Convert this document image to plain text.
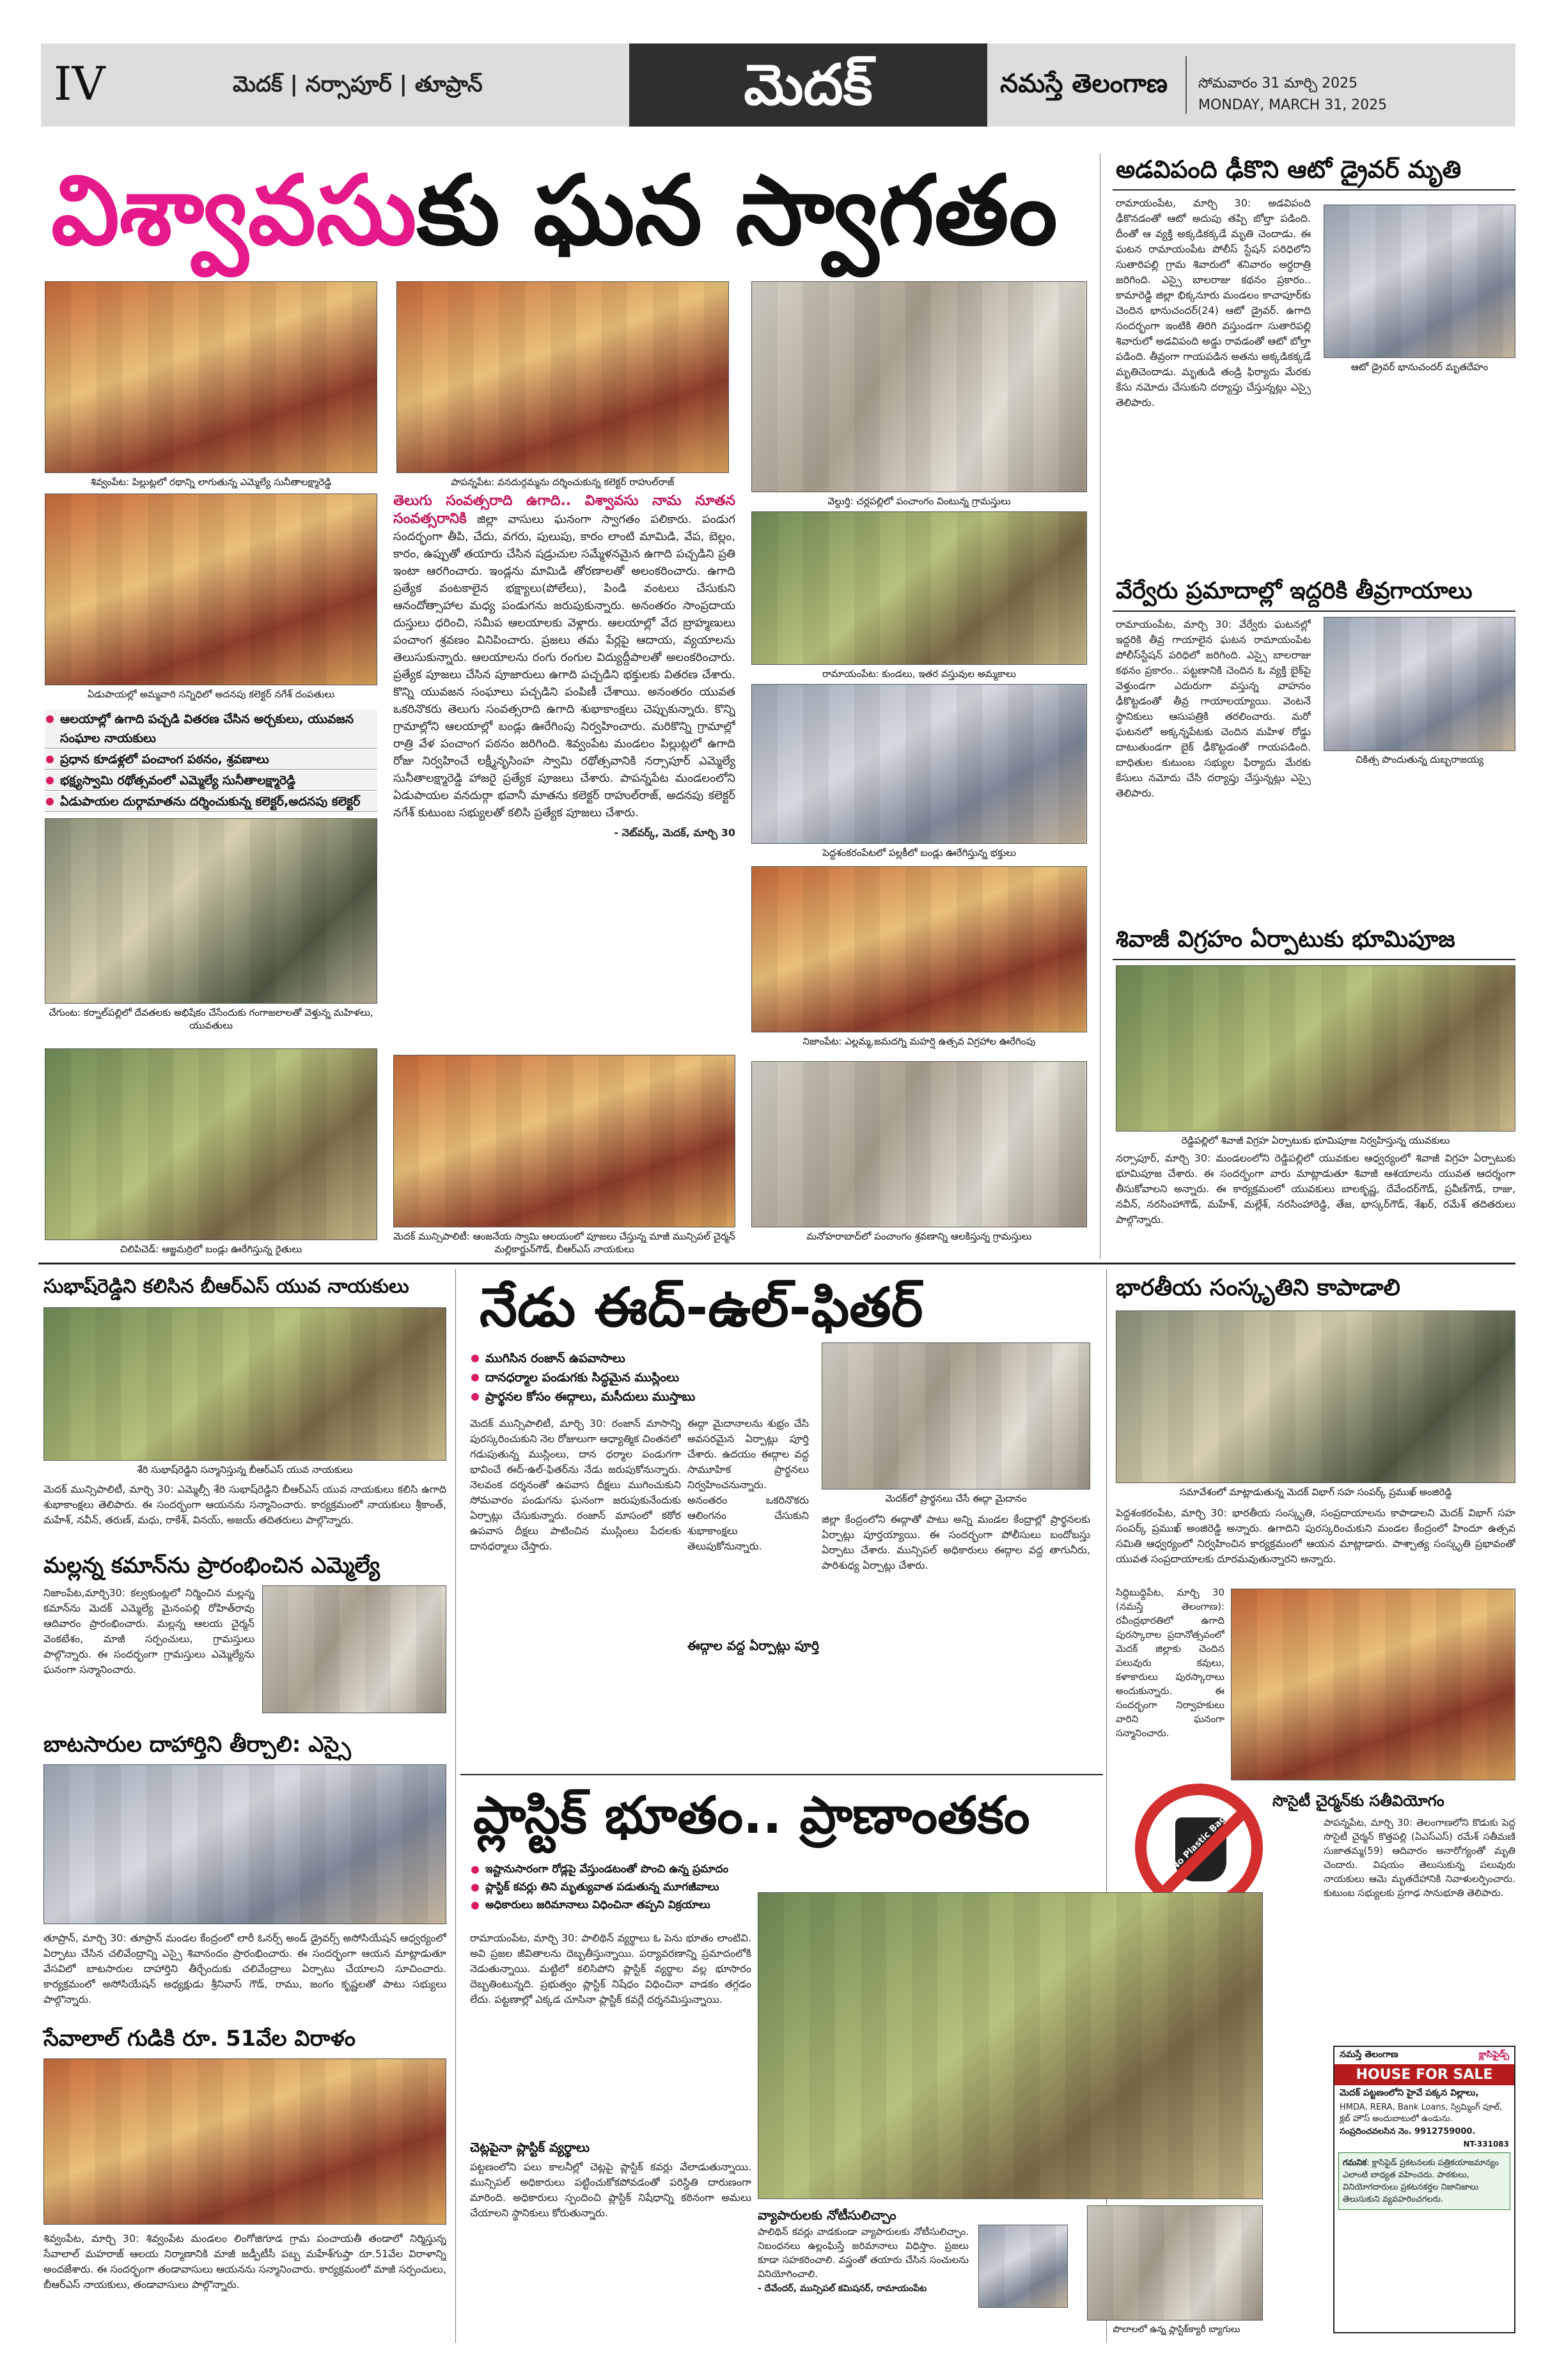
IV	మెదక్ | నర్సాపూర్ | తూప్రాన్	మెదక్	నమస్తే తెలంగాణ సోమవారం 31 మార్చి 2025
MONDAY, MARCH 31, 2025
విశ్వావసుకు ఘన స్వాగతం
శివ్వంపేట: పిల్లుట్లలో రథాన్ని లాగుతున్న ఎమ్మెల్యే సునీతాలక్ష్మారెడ్డి	పాపన్నపేట: వనదుర్గమ్మను దర్శించుకున్న కలెక్టర్ రాహుల్‌రాజ్
వెల్దుర్తి: చర్లపల్లిలో పంచాంగం వింటున్న గ్రామస్తులు
ఏడుపాయల్లో అమ్మవారి సన్నిధిలో అదనపు కలెక్టర్ నగేశ్ దంపతులు

తెలుగు సంవత్సరాది ఉగాది.. విశ్వావసు నామ నూతన సంవత్సరానికి జిల్లా వాసులు ఘనంగా స్వాగతం పలికారు. పండుగ సందర్భంగా తీపి, చేదు, వగరు, పులుపు, కారం లాంటి మామిడి, వేప, బెల్లం, కారం, ఉప్పుతో తయారు చేసిన షడ్రుచుల సమ్మేళనమైన ఉగాది పచ్చడిని ప్రతి ఇంటా ఆరగించారు. ఇండ్లను మామిడి తోరణాలతో అలంకరించారు. ఉగాది ప్రత్యేక వంటకాలైన భక్ష్యాలు(పోలేలు), పిండి వంటలు చేసుకుని ఆనందోత్సాహాల మధ్య పండుగను జరుపుకున్నారు. అనంతరం సాంప్రదాయ దుస్తులు ధరించి, సమీప ఆలయాలకు వెళ్లారు. ఆలయాల్లో వేద బ్రాహ్మణులు పంచాంగ శ్రవణం వినిపించారు. ప్రజలు తమ పేర్లపై ఆదాయ, వ్యయాలను తెలుసుకున్నారు. ఆలయాలను రంగు రంగుల విద్యుద్దీపాలతో అలంకరించారు. ప్రత్యేక పూజలు చేసిన పూజారులు ఉగాది పచ్చడిని భక్తులకు వితరణ చేశారు. కొన్ని యువజన సంఘాలు పచ్చడిని పంపిణీ చేశాయి. అనంతరం యువత ఒకరినొకరు తెలుగు సంవత్సరాది ఉగాది శుభాకాంక్షలు చెప్పుకున్నారు. కొన్ని గ్రామాల్లోని ఆలయాల్లో బండ్లు ఊరేగింపు నిర్వహించారు. మరికొన్ని గ్రామాల్లో రాత్రి వేళ పంచాంగ పఠనం జరిగింది. శివ్వంపేట మండలం పిల్లుట్లలో ఉగాది రోజు నిర్వహించే లక్ష్మీనృసింహ స్వామి రథోత్సవానికి నర్సాపూర్ ఎమ్మెల్యే సునీతాలక్ష్మారెడ్డి హాజరై ప్రత్యేక పూజలు చేశారు. పాపన్నపేట మండలంలోని ఏడుపాయల వనదుర్గా భవానీ మాతను కలెక్టర్ రాహుల్‌రాజ్, అదనపు కలెక్టర్ నగేశ్ కుటుంబ సభ్యులతో కలిసి ప్రత్యేక పూజలు చేశారు.

- నెట్‌వర్క్, మెదక్, మార్చి 30

ఆలయాల్లో ఉగాది పచ్చడి వితరణ చేసిన అర్చకులు, యువజన సంఘాల నాయకులు
ప్రధాన కూడళ్లలో పంచాంగ పఠనం, శ్రవణాలు
భక్ష్యస్వామి రథోత్సవంలో ఎమ్మెల్యే సునీతాలక్ష్మారెడ్డి
ఏడుపాయల దుర్గామాతను దర్శించుకున్న కలెక్టర్,అదనపు కలెక్టర్
రామాయంపేట: కుండలు, ఇతర వస్తువుల అమ్మకాలు
పెద్దశంకరంపేటలో పల్లకీలో బండ్లు ఊరేగిస్తున్న భక్తులు
చేగుంట: కర్నాల్‌పల్లిలో దేవతలకు అభిషేకం చేసేందుకు గంగాజలాలతో వెళ్తున్న మహిళలు, యువతులు
నిజాంపేట: ఎల్లమ్మ,జమదగ్ని మహర్షి ఉత్సవ విగ్రహాల ఊరేగింపు
చిలిపిచెడ్: ఆజ్జమర్రిలో బండ్లు ఊరేగిస్తున్న రైతులు
మెదక్ మున్సిపాలిటీ: ఆంజనేయ స్వామి ఆలయంలో పూజలు చేస్తున్న మాజీ మున్సిపల్ చైర్మన్ మల్లికార్జున్‌గౌడ్, బీఆర్‌ఎస్ నాయకులు
మనోహరాబాద్‌లో పంచాంగం శ్రవణాన్ని ఆలకిస్తున్న గ్రామస్తులు
అడవిపంది ఢీకొని ఆటో డ్రైవర్ మృతి
రామాయంపేట, మార్చి 30: అడవిపంది ఢీకొనడంతో ఆటో అదుపు తప్పి బోల్తా పడింది. దీంతో ఆ వ్యక్తి అక్కడికక్కడే మృతి చెందాడు. ఈ ఘటన రామాయంపేట పోలీస్ స్టేషన్ పరిధిలోని సుతారిపల్లి గ్రామ శివారులో శనివారం అర్ధరాత్రి జరిగింది. ఎస్సై బాలరాజు కథనం ప్రకారం.. కామారెడ్డి జిల్లా భిక్కనూరు మండలం కాచాపూర్‌కు చెందిన భానుచందర్(24) ఆటో డ్రైవర్. ఉగాది సందర్భంగా ఇంటికి తిరిగి వస్తుండగా సుతారిపల్లి శివారులో అడవిపంది అడ్డు రావడంతో ఆటో బోల్తా పడింది. తీవ్రంగా గాయపడిన అతను అక్కడికక్కడే మృతిచెందాడు. మృతుడి తండ్రి ఫిర్యాదు మేరకు కేసు నమోదు చేసుకుని దర్యాప్తు చేస్తున్నట్లు ఎస్సై తెలిపారు.
ఆటో డ్రైవర్ భానుచందర్ మృతదేహం
వేర్వేరు ప్రమాదాల్లో ఇద్దరికి తీవ్రగాయాలు
చికిత్స పొందుతున్న దుబ్బరాజయ్య
రామాయంపేట, మార్చి 30: వేర్వేరు ఘటనల్లో ఇద్దరికి తీవ్ర గాయాలైన ఘటన రామాయంపేట పోలీస్‌స్టేషన్ పరిధిలో జరిగింది. ఎస్సై బాలరాజు కథనం ప్రకారం.. పట్టణానికి చెందిన ఓ వ్యక్తి బైక్‌పై వెళ్తుండగా ఎదురుగా వస్తున్న వాహనం ఢీకొట్టడంతో తీవ్ర గాయాలయ్యాయి. వెంటనే స్థానికులు ఆసుపత్రికి తరలించారు. మరో ఘటనలో అక్కన్నపేటకు చెందిన మహిళ రోడ్డు దాటుతుండగా బైక్ ఢీకొట్టడంతో గాయపడింది. బాధితుల కుటుంబ సభ్యుల ఫిర్యాదు మేరకు కేసులు నమోదు చేసి దర్యాప్తు చేస్తున్నట్లు ఎస్సై తెలిపారు.
శివాజీ విగ్రహం ఏర్పాటుకు భూమిపూజ
రెడ్డిపల్లిలో శివాజీ విగ్రహ ఏర్పాటుకు భూమిపూజ నిర్వహిస్తున్న యువకులు
నర్సాపూర్, మార్చి 30: మండలంలోని రెడ్డిపల్లిలో యువకుల ఆధ్వర్యంలో శివాజీ విగ్రహ ఏర్పాటుకు భూమిపూజ చేశారు. ఈ సందర్భంగా వారు మాట్లాడుతూ శివాజీ ఆశయాలను యువత ఆదర్శంగా తీసుకోవాలని అన్నారు. ఈ కార్యక్రమంలో యువకులు బాలకృష్ణ, దేవేందర్‌గౌడ్, ప్రవీణ్‌గౌడ్, రాజు, నవీన్, నరసింహాగౌడ్, మహేశ్, మల్లేశ్, నరసింహారెడ్డి, తేజ, భాస్కర్‌గౌడ్, శేఖర్, రమేశ్ తదితరులు పాల్గొన్నారు.
భారతీయ సంస్కృతిని కాపాడాలి
సమావేశంలో మాట్లాడుతున్న మెదక్ విభాగ్ సహ సంపర్క్ ప్రముఖ్ అంజిరెడ్డి
పెద్దశంకరంపేట, మార్చి 30: భారతీయ సంస్కృతి, సంప్రదాయాలను కాపాడాలని మెదక్ విభాగ్ సహ సంపర్క్ ప్రముఖ్ అంజిరెడ్డి అన్నారు. ఉగాదిని పురస్కరించుకుని మండల కేంద్రంలో హిందూ ఉత్సవ సమితి ఆధ్వర్యంలో నిర్వహించిన కార్యక్రమంలో ఆయన మాట్లాడారు. పాశ్చాత్య సంస్కృతి ప్రభావంతో యువత సంప్రదాయాలకు దూరమవుతున్నారని అన్నారు.
సిద్దిబుధ్దిపేట, మార్చి 30 (నమస్తే తెలంగాణ): రవీంద్రభారతిలో ఉగాది పురస్కారాల ప్రదానోత్సవంలో మెదక్ జిల్లాకు చెందిన పలువురు కవులు, కళాకారులు పురస్కారాలు అందుకున్నారు. ఈ సందర్భంగా నిర్వాహకులు వారిని ఘనంగా సన్మానించారు.
సొసైటీ చైర్మన్‌కు సతీవియోగం
పాపన్నపేట, మార్చి 30: తెలంగాణలోని కొడుకు పెద్ద సొసైటీ చైర్మన్ కొత్తపల్లి (ఏఎస్ఎస్) రమేశ్ సతీమణి సుజాతమ్మ(59) ఆదివారం అనారోగ్యంతో మృతి చెందారు. విషయం తెలుసుకున్న పలువురు నాయకులు ఆమె మృతదేహానికి నివాళులర్పించారు. కుటుంబ సభ్యులకు ప్రగాఢ సానుభూతి తెలిపారు.
నమస్తే తెలంగాణ	క్లాసిఫైడ్స్
HOUSE FOR SALE
మెదక్ పట్టణంలోని హైవే పక్కన విల్లాలు,
HMDA, RERA, Bank Loans, స్విమ్మింగ్ పూల్, క్లబ్ హౌస్ అందుబాటులో ఉండును.
సంప్రదించవలసిన నెం. 9912759000.
NT-331083
గమనిక: క్లాసిఫైడ్ ప్రకటనలకు పత్రికయాజమాన్యం ఎలాంటి బాధ్యత వహించదు. పాఠకులు, వినియోగదారులు ప్రకటనకర్తల నిజానిజాలు తెలుసుకుని వ్యవహరించగలరు.
సుభాష్‌రెడ్డిని కలిసిన బీఆర్‌ఎస్ యువ నాయకులు
శేరి సుభాష్‌రెడ్డిని సన్మానిస్తున్న బీఆర్‌ఎస్ యువ నాయకులు
మెదక్ మున్సిపాలిటీ, మార్చి 30: ఎమ్మెల్సీ శేరి సుభాష్‌రెడ్డిని బీఆర్‌ఎస్ యువ నాయకులు కలిసి ఉగాది శుభాకాంక్షలు తెలిపారు. ఈ సందర్భంగా ఆయనను సన్మానించారు. కార్యక్రమంలో నాయకులు శ్రీకాంత్, మహేశ్, నవీన్, తరుణ్, మధు, రాకేశ్, వినయ్, అజయ్ తదితరులు పాల్గొన్నారు.
మల్లన్న కమాన్‌ను ప్రారంభించిన ఎమ్మెల్యే
నిజాంపేట,మార్చి30: కల్వకుంట్లలో నిర్మించిన మల్లన్న కమాన్‌ను మెదక్ ఎమ్మెల్యే మైనంపల్లి రోహిత్‌రావు ఆదివారం ప్రారంభించారు. మల్లన్న ఆలయ చైర్మన్ వెంకటేశం, మాజీ సర్పంచులు, గ్రామస్తులు పాల్గొన్నారు. ఈ సందర్భంగా గ్రామస్తులు ఎమ్మెల్యేను ఘనంగా సన్మానించారు.
బాటసారుల దాహార్తిని తీర్చాలి: ఎస్సై
తూప్రాన్, మార్చి 30: తూప్రాన్ మండల కేంద్రంలో లారీ ఓనర్స్ అండ్ డ్రైవర్స్ అసోసియేషన్ ఆధ్వర్యంలో ఏర్పాటు చేసిన చలివేంద్రాన్ని ఎస్సై శివానందం ప్రారంభించారు. ఈ సందర్భంగా ఆయన మాట్లాడుతూ వేసవిలో బాటసారుల దాహార్తిని తీర్చేందుకు చలివేంద్రాలు ఏర్పాటు చేయాలని సూచించారు. కార్యక్రమంలో అసోసియేషన్ అధ్యక్షుడు శ్రీనివాస్ గౌడ్, రాము, జంగం కృష్ణలతో పాటు సభ్యులు పాల్గొన్నారు.
సేవాలాల్ గుడికి రూ. 51వేల విరాళం
శివ్వంపేట, మార్చి 30: శివ్వంపేట మండలం లింగోజిగూడ గ్రామ పంచాయతీ తండాలో నిర్మిస్తున్న సేవాలాల్ మహరాజ్ ఆలయ నిర్మాణానికి మాజీ జడ్పీటీసీ పబ్బ మహేశ్‌గుప్తా రూ.51వేల విరాళాన్ని అందజేశారు. ఈ సందర్భంగా తండావాసులు ఆయనను సన్మానించారు. కార్యక్రమంలో మాజీ సర్పంచులు, బీఆర్‌ఎస్ నాయకులు, తండావాసులు పాల్గొన్నారు.
నేడు ఈద్-ఉల్-ఫితర్
ముగిసిన రంజాన్ ఉపవాసాలు
దానధర్మాల పండుగకు సిద్ధమైన ముస్లింలు
ప్రార్థనల కోసం ఈద్గాలు, మసీదులు ముస్తాబు
మెదక్‌లో ప్రార్థనలు చేసే ఈద్గా మైదానం
మెదక్ మున్సిపాలిటీ, మార్చి 30: రంజాన్ మాసాన్ని పురస్కరించుకుని నెల రోజులుగా ఆధ్యాత్మిక చింతనలో గడుపుతున్న ముస్లింలు, దాన ధర్మాల పండుగగా భావించే ఈద్-ఉల్-ఫితర్‌ను నేడు జరుపుకోనున్నారు. నెలవంక దర్శనంతో ఉపవాస దీక్షలు ముగించుకుని సోమవారం పండుగను ఘనంగా జరుపుకునేందుకు ఏర్పాట్లు చేసుకున్నారు. రంజాన్ మాసంలో కఠోర ఉపవాస దీక్షలు పాటించిన ముస్లింలు పేదలకు దానధర్మాలు చేస్తారు.
ఈద్గా మైదానాలను శుభ్రం చేసి అవసరమైన ఏర్పాట్లు పూర్తి చేశారు. ఉదయం ఈద్గాల వద్ద సామూహిక ప్రార్థనలు నిర్వహించనున్నారు. అనంతరం ఒకరినొకరు ఆలింగనం చేసుకుని శుభాకాంక్షలు తెలుపుకోనున్నారు.
ఈద్గాల వద్ద ఏర్పాట్లు పూర్తి
జిల్లా కేంద్రంలోని ఈద్గాతో పాటు అన్ని మండల కేంద్రాల్లో ప్రార్థనలకు ఏర్పాట్లు పూర్తయ్యాయి. ఈ సందర్భంగా పోలీసులు బందోబస్తు ఏర్పాటు చేశారు. మున్సిపల్ అధికారులు ఈద్గాల వద్ద తాగునీరు, పారిశుధ్య ఏర్పాట్లు చేశారు.
ప్లాస్టిక్ భూతం.. ప్రాణాంతకం	No Plastic Bags
ఇష్టానుసారంగా రోడ్లపై వేస్తుండటంతో పొంచి ఉన్న ప్రమాదం
ప్లాస్టిక్ కవర్లు తిని మృత్యువాత పడుతున్న మూగజీవాలు
అధికారులు జరిమానాలు విధించినా తప్పని విక్రయాలు
రామాయంపేట, మార్చి 30: పాలిథిన్ వ్యర్థాలు ఓ పెను భూతం లాంటివి. అవి ప్రజల జీవితాలను దెబ్బతీస్తున్నాయి. పర్యావరణాన్ని ప్రమాదంలోకి నెడుతున్నాయి. మట్టిలో కలిసిపోని ప్లాస్టిక్ వ్యర్థాల వల్ల భూసారం దెబ్బతింటున్నది. ప్రభుత్వం ప్లాస్టిక్ నిషేధం విధించినా వాడకం తగ్గడం లేదు. పట్టణాల్లో ఎక్కడ చూసినా ప్లాస్టిక్ కవర్లే దర్శనమిస్తున్నాయి.
చెట్లపైనా ప్లాస్టిక్ వ్యర్థాలు
పట్టణంలోని పలు కాలనీల్లో చెట్లపై ప్లాస్టిక్ కవర్లు వేలాడుతున్నాయి. మున్సిపల్ అధికారులు పట్టించుకోకపోవడంతో పరిస్థితి దారుణంగా మారింది. అధికారులు స్పందించి ప్లాస్టిక్ నిషేధాన్ని కఠినంగా అమలు చేయాలని స్థానికులు కోరుతున్నారు.	వ్యాపారులకు నోటీసులిచ్చాం
పాలిథిన్ కవర్లు వాడకుండా వ్యాపారులకు నోటీసులిచ్చాం. నిబంధనలు ఉల్లంఘిస్తే జరిమానాలు విధిస్తాం. ప్రజలు కూడా సహకరించాలి. వస్త్రంతో తయారు చేసిన సంచులను వినియోగించాలి.
- దేవేందర్, మున్సిపల్ కమిషనర్, రామాయంపేట
పొలాలలో ఉన్న ప్లాస్టిక్‌క్యారీ బ్యాగులు
